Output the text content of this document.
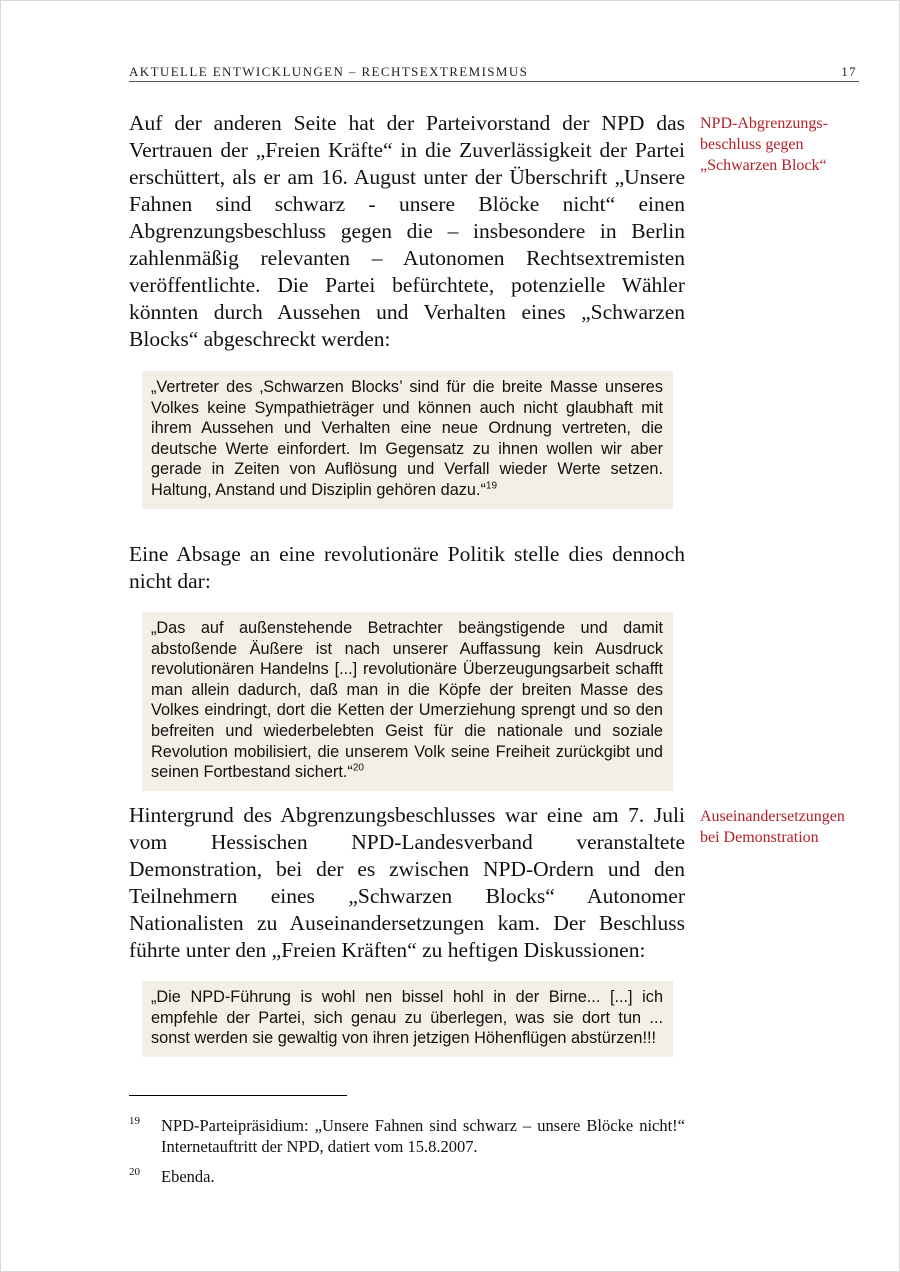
AKTUELLE ENTWICKLUNGEN – RECHTSEXTREMISMUS	17

Auf der anderen Seite hat der Parteivorstand der NPD das Vertrauen der „Freien Kräfte“ in die Zuverlässigkeit der Partei erschüttert, als er am 16. August unter der Überschrift „Unsere Fahnen sind schwarz - unsere Blöcke nicht“ einen Abgrenzungsbeschluss gegen die – insbesondere in Berlin zahlenmäßig relevanten – Autonomen Rechtsextremisten veröffentlichte. Die Partei befürchtete, potenzielle Wähler könnten durch Aussehen und Verhalten eines „Schwarzen Blocks“ abgeschreckt werden:

NPD-Abgrenzungs-
beschluss gegen
„Schwarzen Block“
„Vertreter des ‚Schwarzen Blocks’ sind für die breite Masse unseres Volkes keine Sympathieträger und können auch nicht glaubhaft mit ihrem Aussehen und Verhalten eine neue Ordnung vertreten, die deutsche Werte einfordert. Im Gegensatz zu ihnen wollen wir aber gerade in Zeiten von Auflösung und Verfall wieder Werte setzen. Haltung, Anstand und Disziplin gehören dazu.“$^{19}$

Eine Absage an eine revolutionäre Politik stelle dies dennoch nicht dar:

„Das auf außenstehende Betrachter beängstigende und damit abstoßende Äußere ist nach unserer Auffassung kein Ausdruck revolutionären Handelns [...] revolutionäre Überzeugungsarbeit schafft man allein dadurch, daß man in die Köpfe der breiten Masse des Volkes eindringt, dort die Ketten der Umerziehung sprengt und so den befreiten und wiederbelebten Geist für die nationale und soziale Revolution mobilisiert, die unserem Volk seine Freiheit zurückgibt und seinen Fortbestand sichert.“$^{20}$

Hintergrund des Abgrenzungsbeschlusses war eine am 7. Juli vom Hessischen NPD-Landesverband veranstaltete Demonstration, bei der es zwischen NPD-Ordern und den Teilnehmern eines „Schwarzen Blocks“ Autonomer Nationalisten zu Auseinandersetzungen kam. Der Beschluss führte unter den „Freien Kräften“ zu heftigen Diskussionen:

Auseinandersetzungen
bei Demonstration
„Die NPD-Führung is wohl nen bissel hohl in der Birne... [...] ich empfehle der Partei, sich genau zu überlegen, was sie dort tun ... sonst werden sie gewaltig von ihren jetzigen Höhenflügen abstürzen!!!
19 NPD-Parteipräsidium: „Unsere Fahnen sind schwarz – unsere Blöcke nicht!“ Internetauftritt der NPD, datiert vom 15.8.2007.
20 Ebenda.
